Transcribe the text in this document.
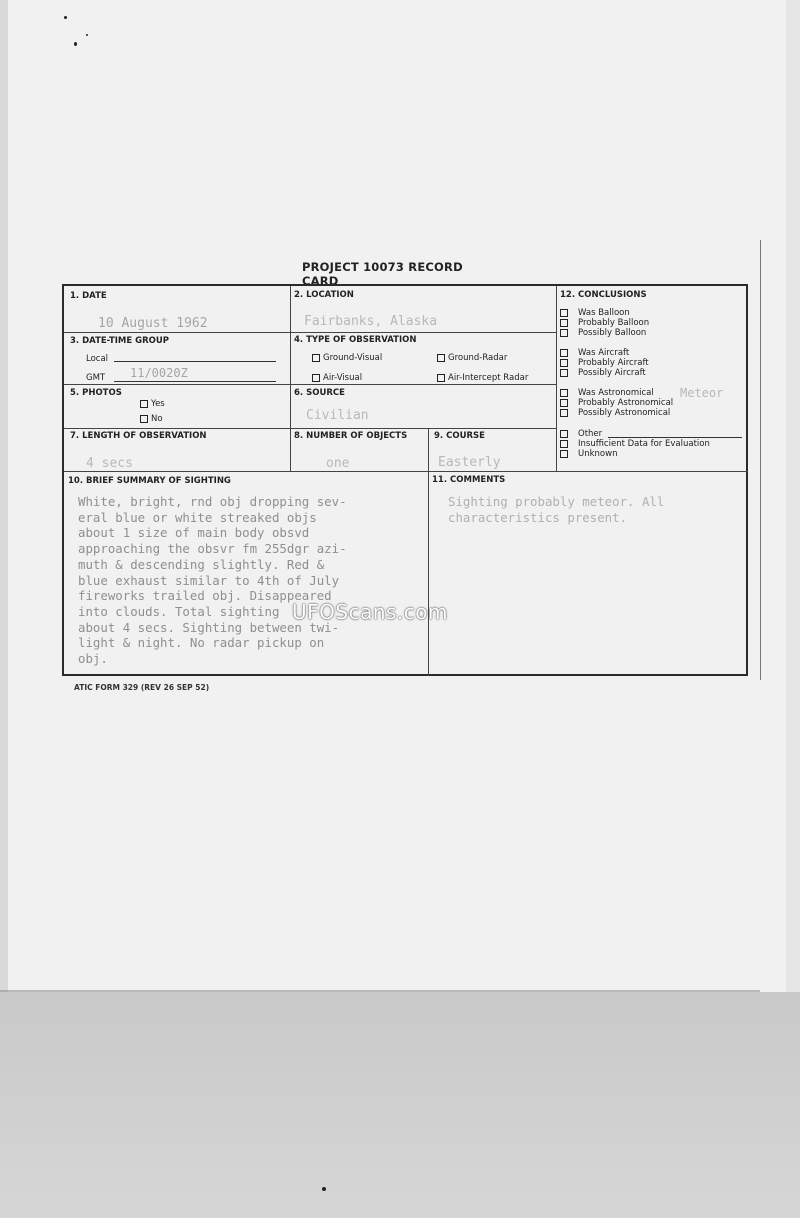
PROJECT 10073 RECORD CARD
1. DATE
10 August 1962
2. LOCATION
Fairbanks, Alaska
3. DATE-TIME GROUP
Local
GMT 11/0020Z
4. TYPE OF OBSERVATION
Ground-Visual	Ground-Radar
Air-Visual	Air-Intercept Radar
5. PHOTOS
Yes
No
6. SOURCE
Civilian
7. LENGTH OF OBSERVATION
4 secs
8. NUMBER OF OBJECTS
one
9. COURSE
Easterly
12. CONCLUSIONS
Was Balloon
Probably Balloon
Possibly Balloon
Was Aircraft
Probably Aircraft
Possibly Aircraft
Was Astronomical
Probably Astronomical
Possibly Astronomical
Other
Insufficient Data for Evaluation
Unknown
Meteor
10. BRIEF SUMMARY OF SIGHTING
White, bright, rnd obj dropping sev-
eral blue or white streaked objs
about 1 size of main body obsvd
approaching the obsvr fm 255dgr azi-
muth & descending slightly. Red &
blue exhaust similar to 4th of July
fireworks trailed obj. Disappeared
into clouds. Total sighting
about 4 secs. Sighting between twi-
light & night. No radar pickup on
obj.
11. COMMENTS
Sighting probably meteor. All
characteristics present.
ATIC FORM 329 (REV 26 SEP 52)
UFOScans.com
